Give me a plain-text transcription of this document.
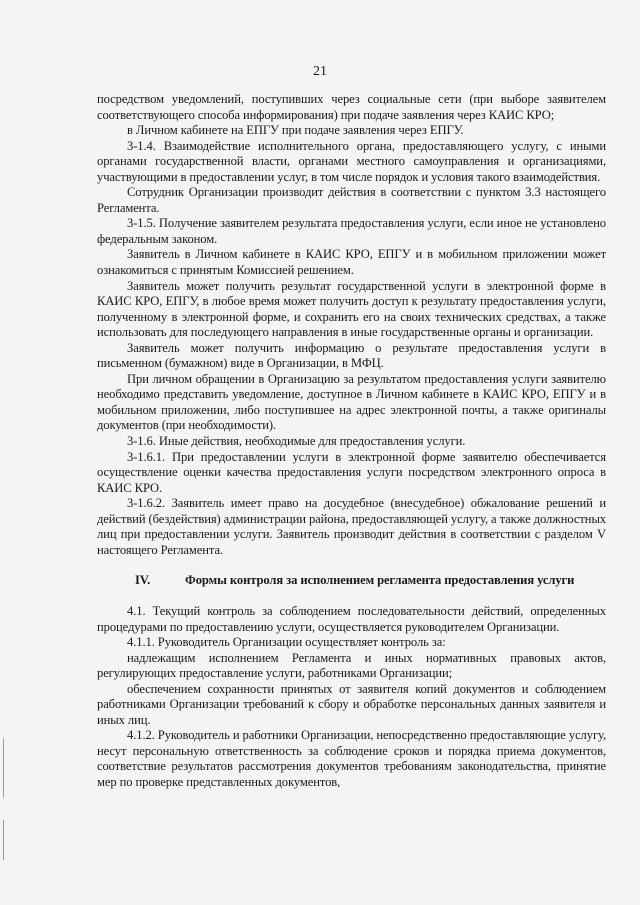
21

посредством уведомлений, поступивших через социальные сети (при выборе заявителем соответствующего способа информирования) при подаче заявления через КАИС КРО;

в Личном кабинете на ЕПГУ при подаче заявления через ЕПГУ.

3-1.4. Взаимодействие исполнительного органа, предоставляющего услугу, с иными органами государственной власти, органами местного самоуправления и организациями, участвующими в предоставлении услуг, в том числе порядок и условия такого взаимодействия.

Сотрудник Организации производит действия в соответствии с пунктом 3.3 настоящего Регламента.

3-1.5. Получение заявителем результата предоставления услуги, если иное не установлено федеральным законом.

Заявитель в Личном кабинете в КАИС КРО, ЕПГУ и в мобильном приложении может ознакомиться с принятым Комиссией решением.

Заявитель может получить результат государственной услуги в электронной форме в КАИС КРО, ЕПГУ, в любое время может получить доступ к результату предоставления услуги, полученному в электронной форме, и сохранить его на своих технических средствах, а также использовать для последующего направления в иные государственные органы и организации.

Заявитель может получить информацию о результате предоставления услуги в письменном (бумажном) виде в Организации, в МФЦ.

При личном обращении в Организацию за результатом предоставления услуги заявителю необходимо представить уведомление, доступное в Личном кабинете в КАИС КРО, ЕПГУ и в мобильном приложении, либо поступившее на адрес электронной почты, а также оригиналы документов (при необходимости).

3-1.6. Иные действия, необходимые для предоставления услуги.

3-1.6.1. При предоставлении услуги в электронной форме заявителю обеспечивается осуществление оценки качества предоставления услуги посредством электронного опроса в КАИС КРО.

3-1.6.2. Заявитель имеет право на досудебное (внесудебное) обжалование решений и действий (бездействия) администрации района, предоставляющей услугу, а также должностных лиц при предоставлении услуги. Заявитель производит действия в соответствии с разделом V настоящего Регламента.

IV.	Формы контроля за исполнением регламента предоставления услуги

4.1. Текущий контроль за соблюдением последовательности действий, определенных процедурами по предоставлению услуги, осуществляется руководителем Организации.

4.1.1. Руководитель Организации осуществляет контроль за:

надлежащим исполнением Регламента и иных нормативных правовых актов, регулирующих предоставление услуги, работниками Организации;

обеспечением сохранности принятых от заявителя копий документов и соблюдением работниками Организации требований к сбору и обработке персональных данных заявителя и иных лиц.

4.1.2. Руководитель и работники Организации, непосредственно предоставляющие услугу, несут персональную ответственность за соблюдение сроков и порядка приема документов, соответствие результатов рассмотрения документов требованиям законодательства, принятие мер по проверке представленных документов,
